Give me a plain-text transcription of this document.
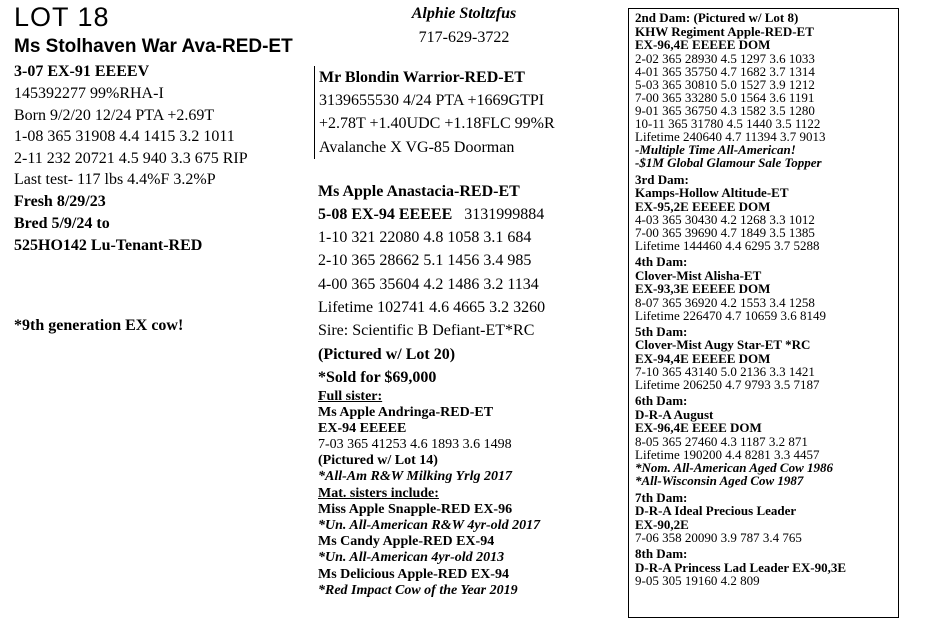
LOT 18
Ms Stolhaven War Ava-RED-ET
3-07 EX-91 EEEEV
145392277 99%RHA-I
Born 9/2/20 12/24 PTA +2.69T
1-08 365 31908 4.4 1415 3.2 1011
2-11 232 20721 4.5 940 3.3 675 RIP
Last test- 117 lbs 4.4%F 3.2%P
Fresh 8/29/23
Bred 5/9/24 to
525HO142 Lu-Tenant-RED
*9th generation EX cow!
Alphie Stoltzfus
717-629-3722
Mr Blondin Warrior-RED-ET
3139655530 4/24 PTA +1669GTPI
+2.78T +1.40UDC +1.18FLC 99%R
Avalanche X VG-85 Doorman
Ms Apple Anastacia-RED-ET
5-08 EX-94 EEEEE 3131999884
1-10 321 22080 4.8 1058 3.1 684
2-10 365 28662 5.1 1456 3.4 985
4-00 365 35604 4.2 1486 3.2 1134
Lifetime 102741 4.6 4665 3.2 3260
Sire: Scientific B Defiant-ET*RC
(Pictured w/ Lot 20)
*Sold for $69,000
Full sister:
Ms Apple Andringa-RED-ET
EX-94 EEEEE
7-03 365 41253 4.6 1893 3.6 1498
(Pictured w/ Lot 14)
*All-Am R&W Milking Yrlg 2017
Mat. sisters include:
Miss Apple Snapple-RED EX-96
*Un. All-American R&W 4yr-old 2017
Ms Candy Apple-RED EX-94
*Un. All-American 4yr-old 2013
Ms Delicious Apple-RED EX-94
*Red Impact Cow of the Year 2019
2nd Dam: (Pictured w/ Lot 8)
KHW Regiment Apple-RED-ET
EX-96,4E EEEEE DOM
2-02 365 28930 4.5 1297 3.6 1033
4-01 365 35750 4.7 1682 3.7 1314
5-03 365 30810 5.0 1527 3.9 1212
7-00 365 33280 5.0 1564 3.6 1191
9-01 365 36750 4.3 1582 3.5 1280
10-11 365 31780 4.5 1440 3.5 1122
Lifetime 240640 4.7 11394 3.7 9013
-Multiple Time All-American!
-$1M Global Glamour Sale Topper
3rd Dam:
Kamps-Hollow Altitude-ET
EX-95,2E EEEEE DOM
4-03 365 30430 4.2 1268 3.3 1012
7-00 365 39690 4.7 1849 3.5 1385
Lifetime 144460 4.4 6295 3.7 5288
4th Dam:
Clover-Mist Alisha-ET
EX-93,3E EEEEE DOM
8-07 365 36920 4.2 1553 3.4 1258
Lifetime 226470 4.7 10659 3.6 8149
5th Dam:
Clover-Mist Augy Star-ET *RC
EX-94,4E EEEEE DOM
7-10 365 43140 5.0 2136 3.3 1421
Lifetime 206250 4.7 9793 3.5 7187
6th Dam:
D-R-A August
EX-96,4E EEEE DOM
8-05 365 27460 4.3 1187 3.2 871
Lifetime 190200 4.4 8281 3.3 4457
*Nom. All-American Aged Cow 1986
*All-Wisconsin Aged Cow 1987
7th Dam:
D-R-A Ideal Precious Leader
EX-90,2E
7-06 358 20090 3.9 787 3.4 765
8th Dam:
D-R-A Princess Lad Leader EX-90,3E
9-05 305 19160 4.2 809
